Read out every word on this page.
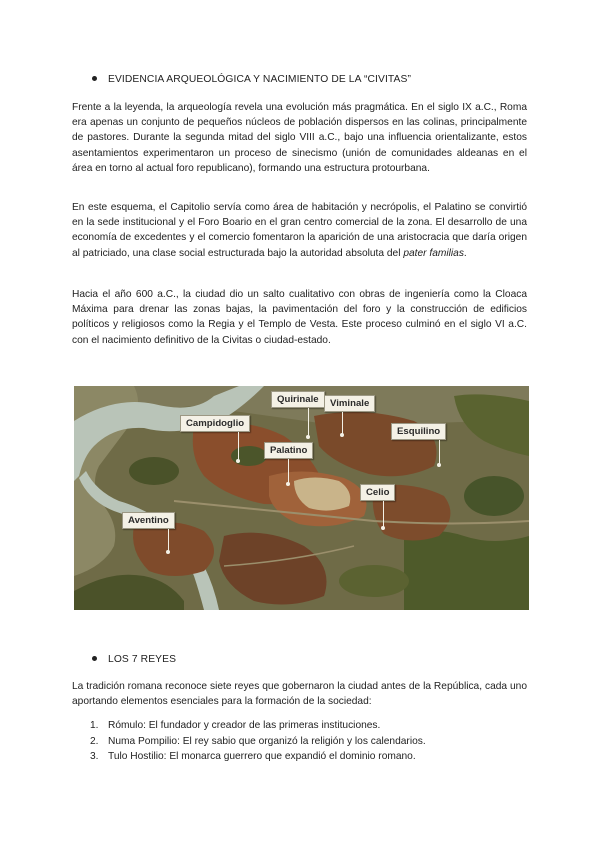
EVIDENCIA ARQUEOLÓGICA Y NACIMIENTO DE LA “CIVITAS”
Frente a la leyenda, la arqueología revela una evolución más pragmática. En el siglo IX a.C., Roma era apenas un conjunto de pequeños núcleos de población dispersos en las colinas, principalmente de pastores. Durante la segunda mitad del siglo VIII a.C., bajo una influencia orientalizante, estos asentamientos experimentaron un proceso de sinecismo (unión de comunidades aldeanas en el área en torno al actual foro republicano), formando una estructura protourbana.
En este esquema, el Capitolio servía como área de habitación y necrópolis, el Palatino se convirtió en la sede institucional y el Foro Boario en el gran centro comercial de la zona. El desarrollo de una economía de excedentes y el comercio fomentaron la aparición de una aristocracia que daría origen al patriciado, una clase social estructurada bajo la autoridad absoluta del pater familias.
Hacia el año 600 a.C., la ciudad dio un salto cualitativo con obras de ingeniería como la Cloaca Máxima para drenar las zonas bajas, la pavimentación del foro y la construcción de edificios políticos y religiosos como la Regia y el Templo de Vesta. Este proceso culminó en el siglo VI a.C. con el nacimiento definitivo de la Civitas o ciudad-estado.
Quirinale	Viminale
Campidoglio
Esquilino
Palatino
Celio
Aventino
LOS 7 REYES
La tradición romana reconoce siete reyes que gobernaron la ciudad antes de la República, cada uno aportando elementos esenciales para la formación de la sociedad:
1. Rómulo: El fundador y creador de las primeras instituciones.
2. Numa Pompilio: El rey sabio que organizó la religión y los calendarios.
3. Tulo Hostilio: El monarca guerrero que expandió el dominio romano.
